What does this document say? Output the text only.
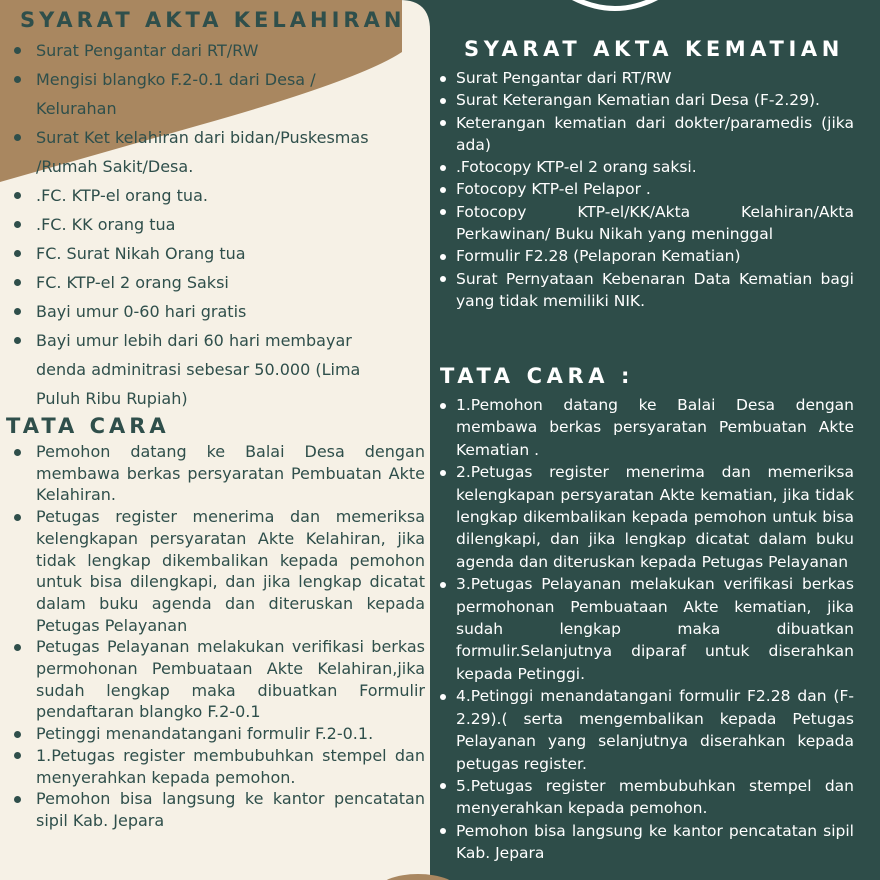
SYARAT AKTA KELAHIRAN
Surat Pengantar dari RT/RW
Mengisi blangko F.2-0.1 dari Desa / Kelurahan
Surat Ket kelahiran dari bidan/Puskesmas /Rumah Sakit/Desa.
.FC. KTP-el orang tua.
.FC. KK orang tua
FC. Surat Nikah Orang tua
FC. KTP-el 2 orang Saksi
Bayi umur 0-60 hari gratis
Bayi umur lebih dari 60 hari membayar denda adminitrasi sebesar 50.000 (Lima Puluh Ribu Rupiah)
TATA CARA
Pemohon datang ke Balai Desa dengan membawa berkas persyaratan Pembuatan Akte Kelahiran.
Petugas register menerima dan memeriksa kelengkapan persyaratan Akte Kelahiran, jika tidak lengkap dikembalikan kepada pemohon untuk bisa dilengkapi, dan jika lengkap dicatat dalam buku agenda dan diteruskan kepada Petugas Pelayanan
Petugas Pelayanan melakukan verifikasi berkas permohonan Pembuataan Akte Kelahiran,jika sudah lengkap maka dibuatkan Formulir pendaftaran blangko F.2-0.1
Petinggi menandatangani formulir F.2-0.1.
1.Petugas register membubuhkan stempel dan menyerahkan kepada pemohon.
Pemohon bisa langsung ke kantor pencatatan sipil Kab. Jepara
SYARAT AKTA KEMATIAN
Surat Pengantar dari RT/RW
Surat Keterangan Kematian dari Desa (F-2.29).
Keterangan kematian dari dokter/paramedis (jika ada)
.Fotocopy KTP-el 2 orang saksi.
Fotocopy KTP-el Pelapor .
Fotocopy KTP-el/KK/Akta Kelahiran/Akta Perkawinan/ Buku Nikah yang meninggal
Formulir F2.28 (Pelaporan Kematian)
Surat Pernyataan Kebenaran Data Kematian bagi yang tidak memiliki NIK.
TATA CARA :
1.Pemohon datang ke Balai Desa dengan membawa berkas persyaratan Pembuatan Akte Kematian .
2.Petugas register menerima dan memeriksa kelengkapan persyaratan Akte kematian, jika tidak lengkap dikembalikan kepada pemohon untuk bisa dilengkapi, dan jika lengkap dicatat dalam buku agenda dan diteruskan kepada Petugas Pelayanan
3.Petugas Pelayanan melakukan verifikasi berkas permohonan Pembuataan Akte kematian, jika sudah lengkap maka dibuatkan formulir.Selanjutnya diparaf untuk diserahkan kepada Petinggi.
4.Petinggi menandatangani formulir F2.28 dan (F-2.29).( serta mengembalikan kepada Petugas Pelayanan yang selanjutnya diserahkan kepada petugas register.
5.Petugas register membubuhkan stempel dan menyerahkan kepada pemohon.
Pemohon bisa langsung ke kantor pencatatan sipil Kab. Jepara
